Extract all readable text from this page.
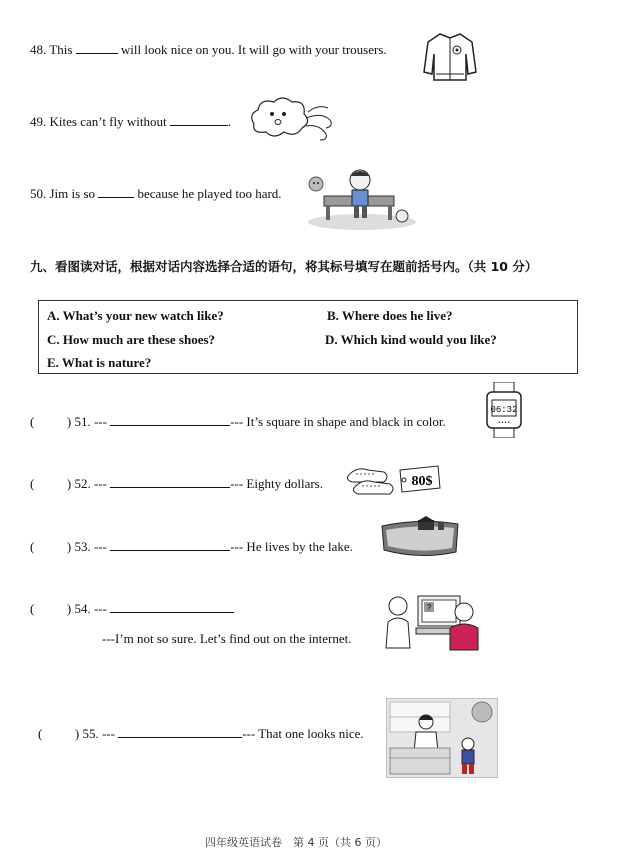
48. This	will look nice on you. It will go with your trousers.
49. Kites can’t fly without	.
50. Jim is so	because he played too hard.
九、看图读对话，根据对话内容选择合适的语句，将其标号填写在题前括号内。（共 10 分）
A. What’s your new watch like?	B. Where does he live?
C. How much are these shoes?	D. Which kind would you like?
E. What is nature?
(	) 51. ---	--- It’s square in shape and black in color.
06:32
• • • •
(	) 52. ---	--- Eighty dollars.	80$
(	) 53. ---	--- He lives by the lake.
(	) 54. ---
---I’m not so sure. Let’s find out on the internet.
?
(	) 55. ---	--- That one looks nice.
四年级英语试卷　第 4 页（共 6 页）
